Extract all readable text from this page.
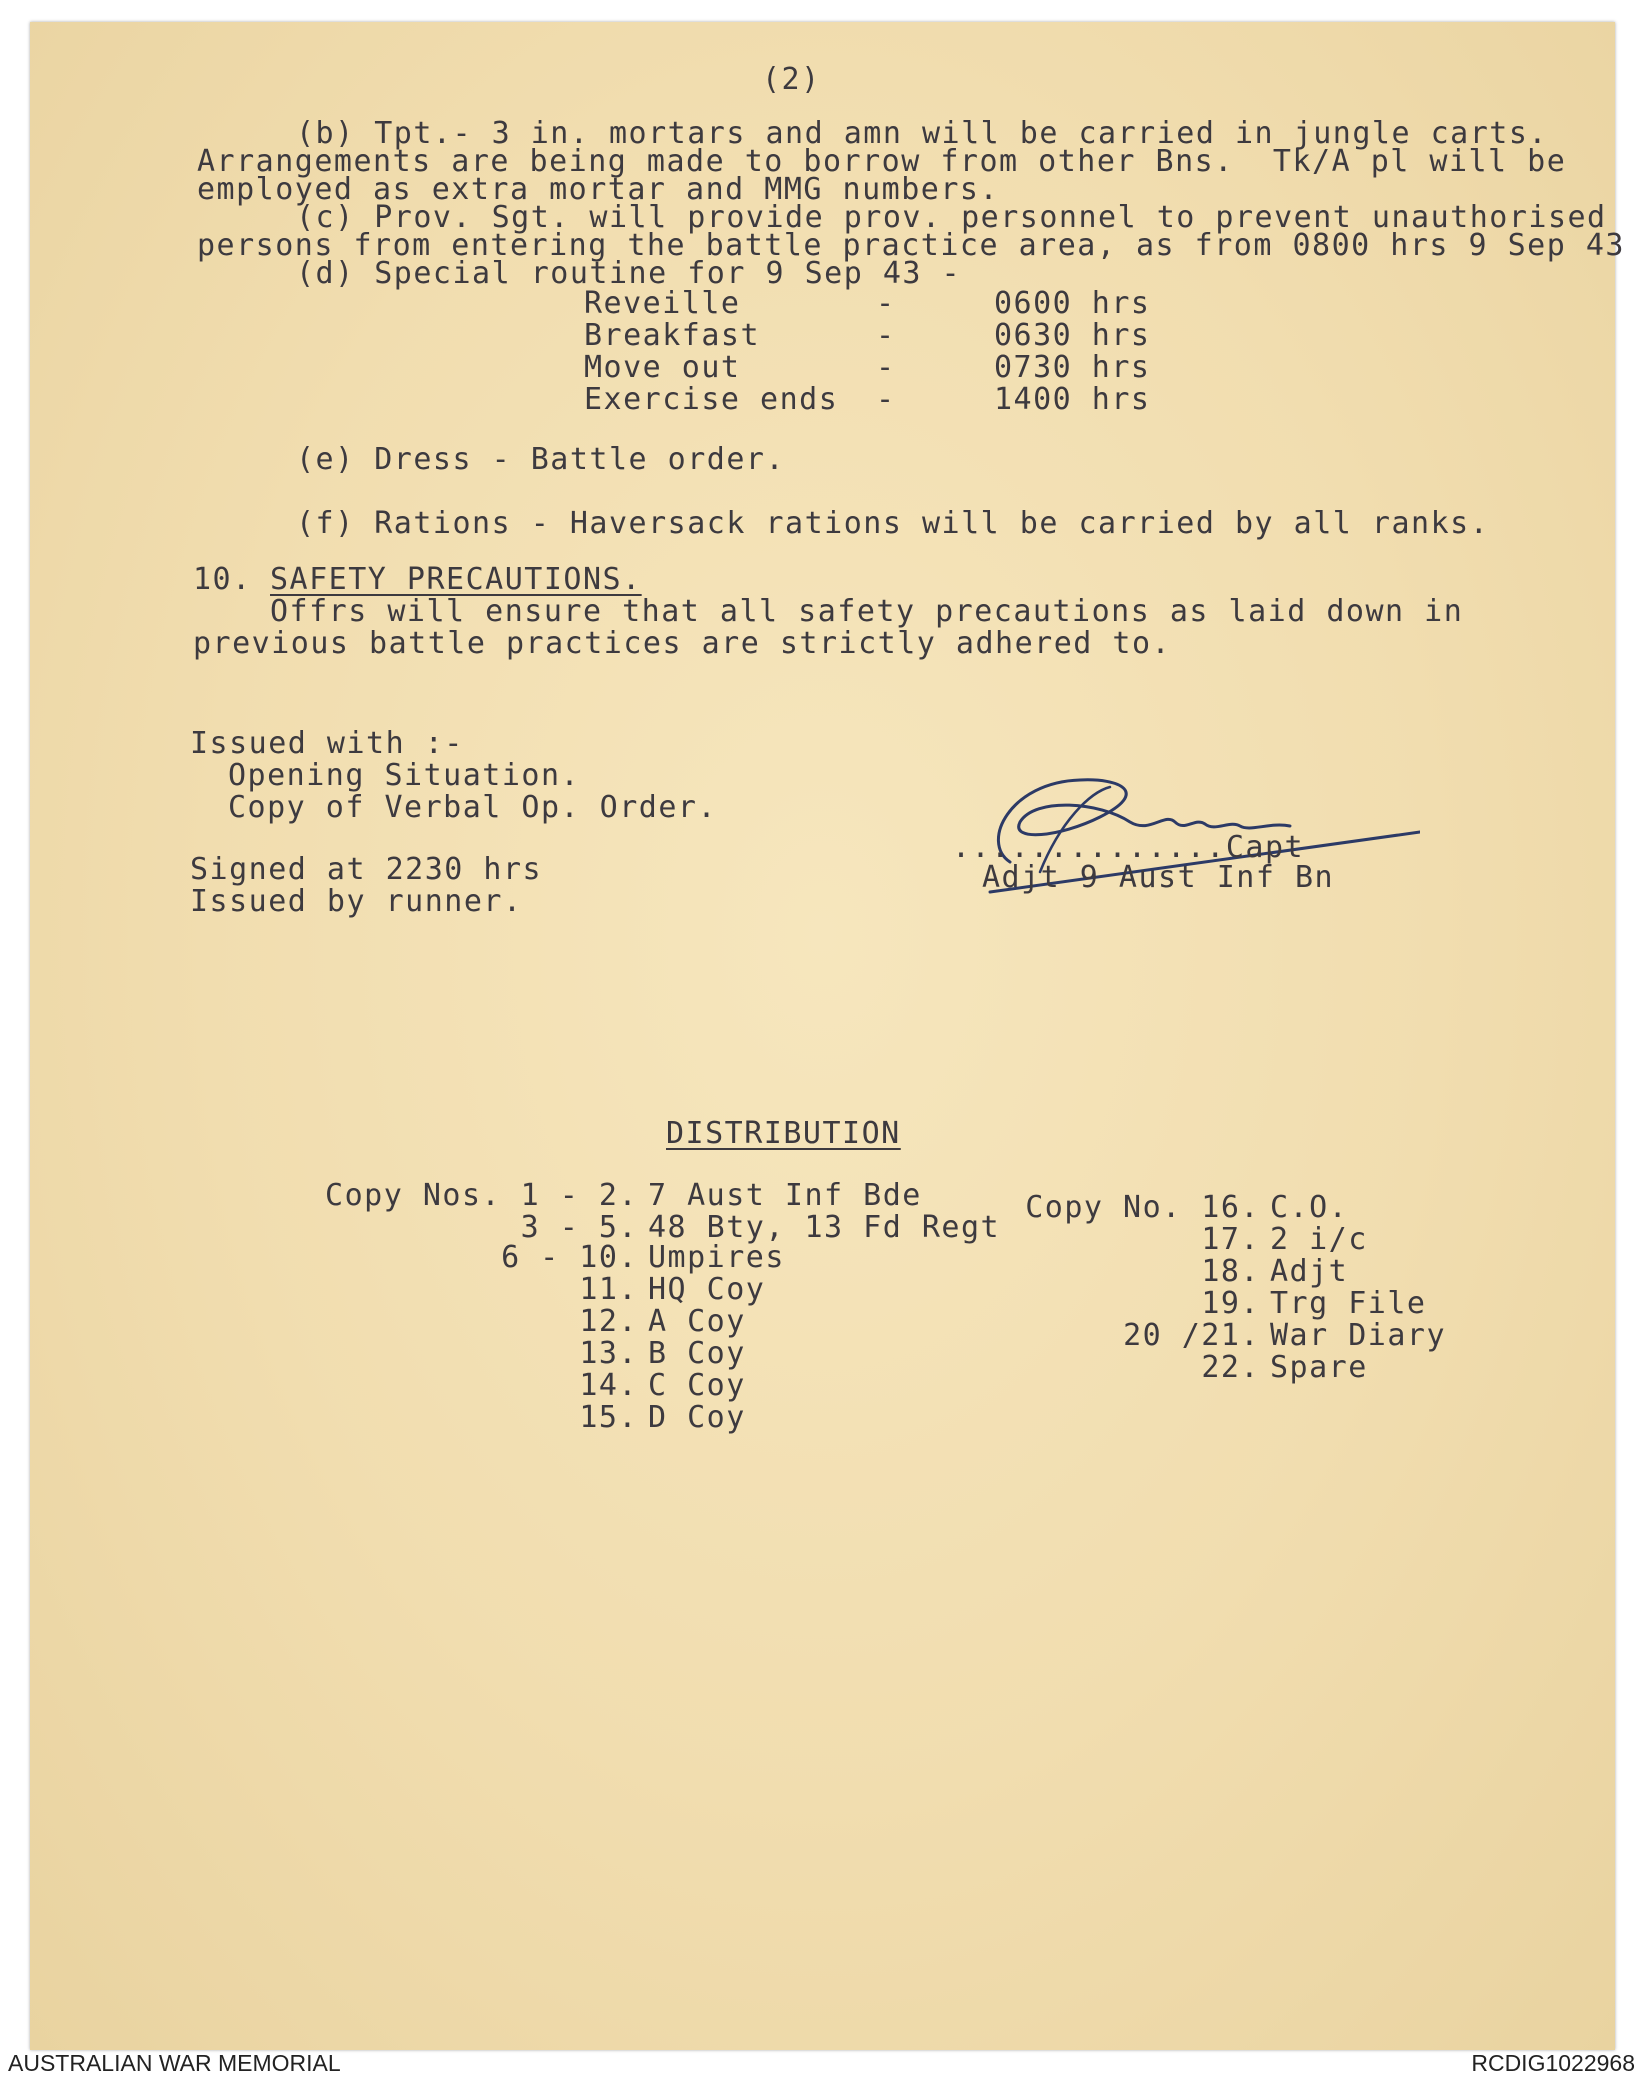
(2)
(b) Tpt.- 3 in. mortars and amn will be carried in jungle carts.
Arrangements are being made to borrow from other Bns.  Tk/A pl will be
employed as extra mortar and MMG numbers.
(c) Prov. Sgt. will provide prov. personnel to prevent unauthorised
persons from entering the battle practice area, as from 0800 hrs 9 Sep 43
(d) Special routine for 9 Sep 43 -
Reveille	-	0600 hrs
Breakfast	-	0630 hrs
Move out	-	0730 hrs
Exercise ends -	1400 hrs
(e) Dress - Battle order.
(f) Rations - Haversack rations will be carried by all ranks.
10. SAFETY PRECAUTIONS.
Offrs will ensure that all safety precautions as laid down in
previous battle practices are strictly adhered to.
Issued with :-
Opening Situation.
Copy of Verbal Op. Order.
Signed at 2230 hrs
Issued by runner.
..............Capt
Adjt 9 Aust Inf Bn
DISTRIBUTION
Copy Nos. 1 - 2. 7 Aust Inf Bde
3 - 5. 48 Bty, 13 Fd Regt
6 - 10. Umpires
11. HQ Coy
12. A Coy
13. B Coy
14. C Coy
15. D Coy
Copy No. 16. C.O.
17. 2 i/c
18. Adjt
19. Trg File
20 /21. War Diary
22. Spare
AUSTRALIAN WAR MEMORIAL	RCDIG1022968
